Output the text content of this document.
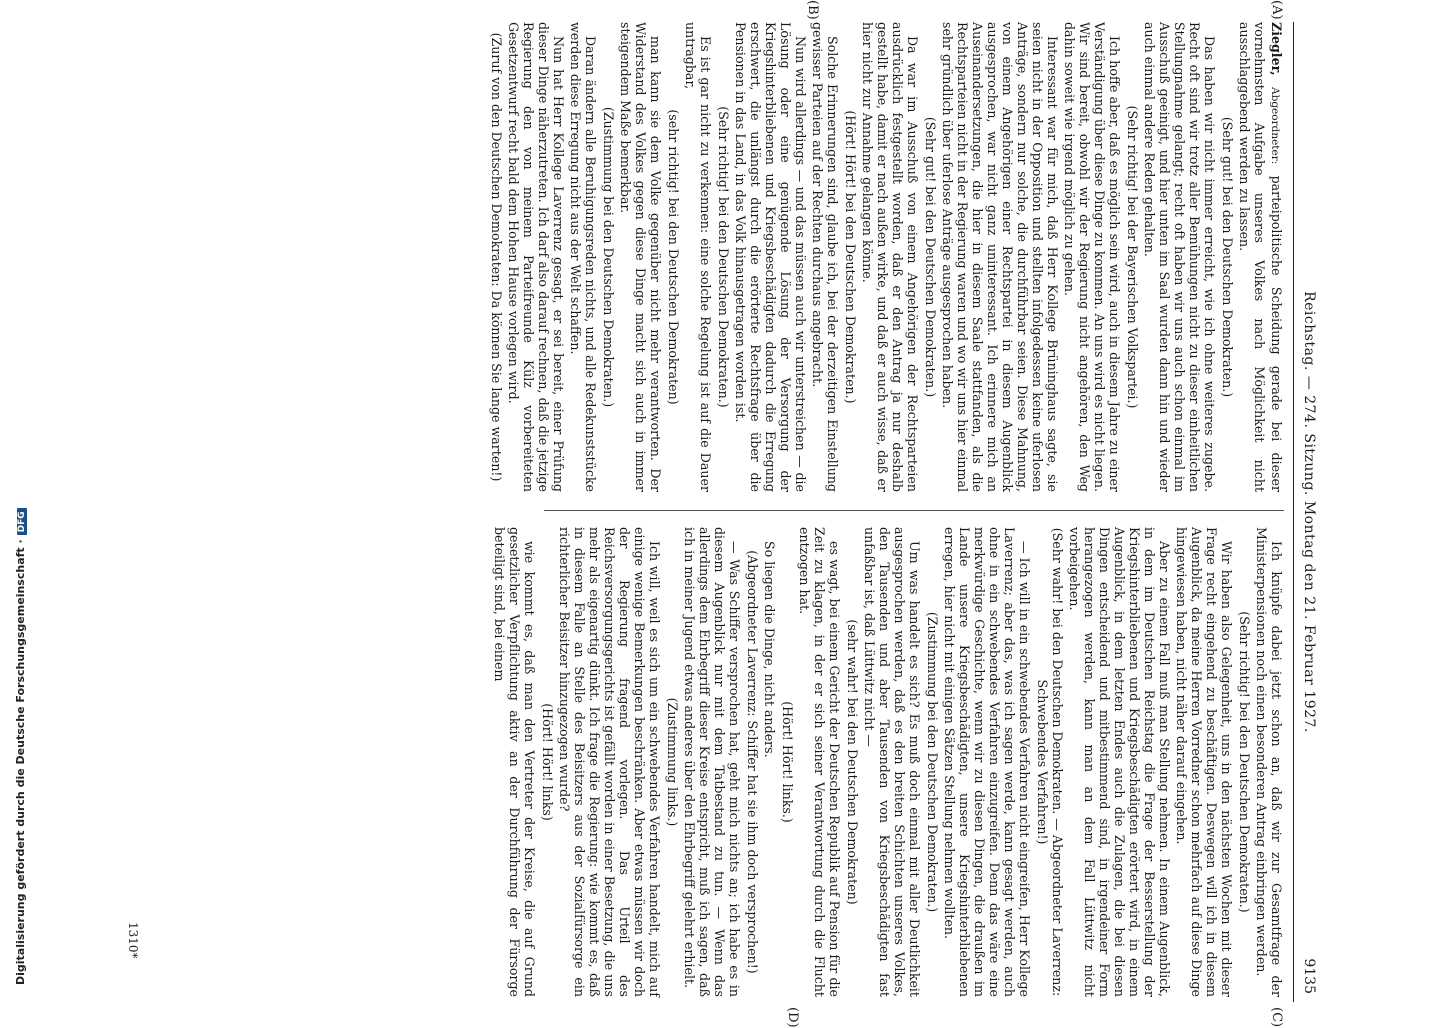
Reichstag. — 274. Sitzung. Montag den 21. Februar 1927.
9135
(A)
(B)
(C)
(D)

Ziegler, Abgeordneter: parteipolitische Scheidung gerade bei dieser vornehmsten Aufgabe unseres Volkes nach Möglichkeit nicht ausschlaggebend werden zu lassen.

(Sehr gut! bei den Deutschen Demokraten.)

Das haben wir nicht immer erreicht, wie ich ohne weiteres zugebe. Recht oft sind wir trotz aller Bemühungen nicht zu dieser einheitlichen Stellungnahme gelangt; recht oft haben wir uns auch schon einmal im Ausschuß geeinigt, und hier unten im Saal wurden dann hin und wieder auch einmal andere Reden gehalten.

(Sehr richtig! bei der Bayerischen Volkspartei.)

Ich hoffe aber, daß es möglich sein wird, auch in diesem Jahre zu einer Verständigung über diese Dinge zu kommen. An uns wird es nicht liegen. Wir sind bereit, obwohl wir der Regierung nicht angehören, den Weg dahin soweit wie irgend möglich zu gehen.

Interessant war für mich, daß Herr Kollege Brüninghaus sagte, sie seien nicht in der Opposition und stellten infolgedessen keine uferlosen Anträge, sondern nur solche, die durchführbar seien. Diese Mahnung, von einem Angehörigen einer Rechtspartei in diesem Augenblick ausgesprochen, war nicht ganz uninteressant. Ich erinnere mich an Auseinandersetzungen, die hier in diesem Saale stattfanden, als die Rechtsparteien nicht in der Regierung waren und wo wir uns hier einmal sehr gründlich über uferlose Anträge ausgesprochen haben.

(Sehr gut! bei den Deutschen Demokraten.)

Da war im Ausschuß von einem Angehörigen der Rechtsparteien ausdrücklich festgestellt worden, daß er den Antrag ja nur deshalb gestellt habe, damit er nach außen wirke, und daß er auch wisse, daß er hier nicht zur Annahme gelangen könne.

(Hört! Hört! bei den Deutschen Demokraten.)

Solche Erinnerungen sind, glaube ich, bei der derzeitigen Einstellung gewisser Parteien auf der Rechten durchaus angebracht.

Nun wird allerdings — und das müssen auch wir unterstreichen — die Lösung oder eine genügende Lösung der Versorgung der Kriegshinterbliebenen und Kriegsbeschädigten dadurch die Erregung erschwert, die unlängst durch die erörterte Rechtsfrage über die Pensionen in das Land, in das Volk hinausgetragen worden ist.

(Sehr richtig! bei den Deutschen Demokraten.)

Es ist gar nicht zu verkennen: eine solche Regelung ist auf die Dauer untragbar,

(sehr richtig! bei den Deutschen Demokraten)

man kann sie dem Volke gegenüber nicht mehr verantworten. Der Widerstand des Volkes gegen diese Dinge macht sich auch in immer steigendem Maße bemerkbar.

(Zustimmung bei den Deutschen Demokraten.)

Daran ändern alle Beruhigungsreden nichts, und alle Redekunststücke werden diese Erregung nicht aus der Welt schaffen.

Nun hat Herr Kollege Laverrenz gesagt, er sei bereit, einer Prüfung dieser Dinge näherzutreten. Ich darf also darauf rechnen, daß die jetzige Regierung den von meinem Parteifreunde Külz vorbereiteten Gesetzentwurf recht bald dem Hohen Hause vorlegen wird.

(Zuruf von den Deutschen Demokraten: Da können Sie lange warten!)

Ich knüpfe dabei jetzt schon an, daß wir zur Gesamtfrage der Ministerpensionen noch einen besonderen Antrag einbringen werden.

(Sehr richtig! bei den Deutschen Demokraten.)

Wir haben also Gelegenheit, uns in den nächsten Wochen mit dieser Frage recht eingehend zu beschäftigen. Deswegen will ich in diesem Augenblick, da meine Herren Vorredner schon mehrfach auf diese Dinge hingewiesen haben, nicht näher darauf eingehen.

Aber zu einem Fall muß man Stellung nehmen. In einem Augenblick, in dem im Deutschen Reichstag die Frage der Besserstellung der Kriegshinterbliebenen und Kriegsbeschädigten erörtert wird, in einem Augenblick, in dem letzten Endes auch die Zulagen, die bei diesen Dingen entscheidend und mitbestimmend sind, in irgendeiner Form herangezogen werden, kann man an dem Fall Lüttwitz nicht vorbeigehen.

(Sehr wahr! bei den Deutschen Demokraten. — Abgeordneter Laverrenz: Schwebendes Verfahren!)

— Ich will in ein schwebendes Verfahren nicht eingreifen, Herr Kollege Laverrenz; aber das, was ich sagen werde, kann gesagt werden, auch ohne in ein schwebendes Verfahren einzugreifen. Denn das wäre eine merkwürdige Geschichte, wenn wir zu diesen Dingen, die draußen im Lande unsere Kriegsbeschädigten, unsere Kriegshinterbliebenen erregen, hier nicht mit einigen Sätzen Stellung nehmen wollten.

(Zustimmung bei den Deutschen Demokraten.)

Um was handelt es sich? Es muß doch einmal mit aller Deutlichkeit ausgesprochen werden, daß es den breiten Schichten unseres Volkes, den Tausenden und aber Tausenden von Kriegsbeschädigten fast unfaßbar ist, daß Lüttwitz nicht —

(sehr wahr! bei den Deutschen Demokraten)

es wagt, bei einem Gericht der Deutschen Republik auf Pension für die Zeit zu klagen, in der er sich seiner Verantwortung durch die Flucht entzogen hat.

(Hört! Hört! links.)

So liegen die Dinge, nicht anders.

(Abgeordneter Laverrenz: Schiffer hat sie ihm doch versprochen!)

— Was Schiffer versprochen hat, geht mich nichts an; ich habe es in diesem Augenblick nur mit dem Tatbestand zu tun. — Wenn das allerdings dem Ehrbegriff dieser Kreise entspricht, muß ich sagen, daß ich in meiner Jugend etwas anderes über den Ehrbegriff gelehrt erhielt.

(Zustimmung links.)

Ich will, weil es sich um ein schwebendes Verfahren handelt, mich auf einige wenige Bemerkungen beschränken. Aber etwas müssen wir doch der Regierung fragend vorlegen. Das Urteil des Reichsversorgungsgerichts ist gefällt worden in einer Besetzung, die uns mehr als eigenartig dünkt. Ich frage die Regierung: wie kommt es, daß in diesem Falle an Stelle des Beisitzers aus der Sozialfürsorge ein richterlicher Beisitzer hinzugezogen wurde?

(Hört! Hört! links)

wie kommt es, daß man den Vertreter der Kreise, die auf Grund gesetzlicher Verpflichtung aktiv an der Durchführung der Fürsorge beteiligt sind, bei einem

1310*
Digitalisierung gefördert durch die Deutsche Forschungsgemeinschaft ·DFG
